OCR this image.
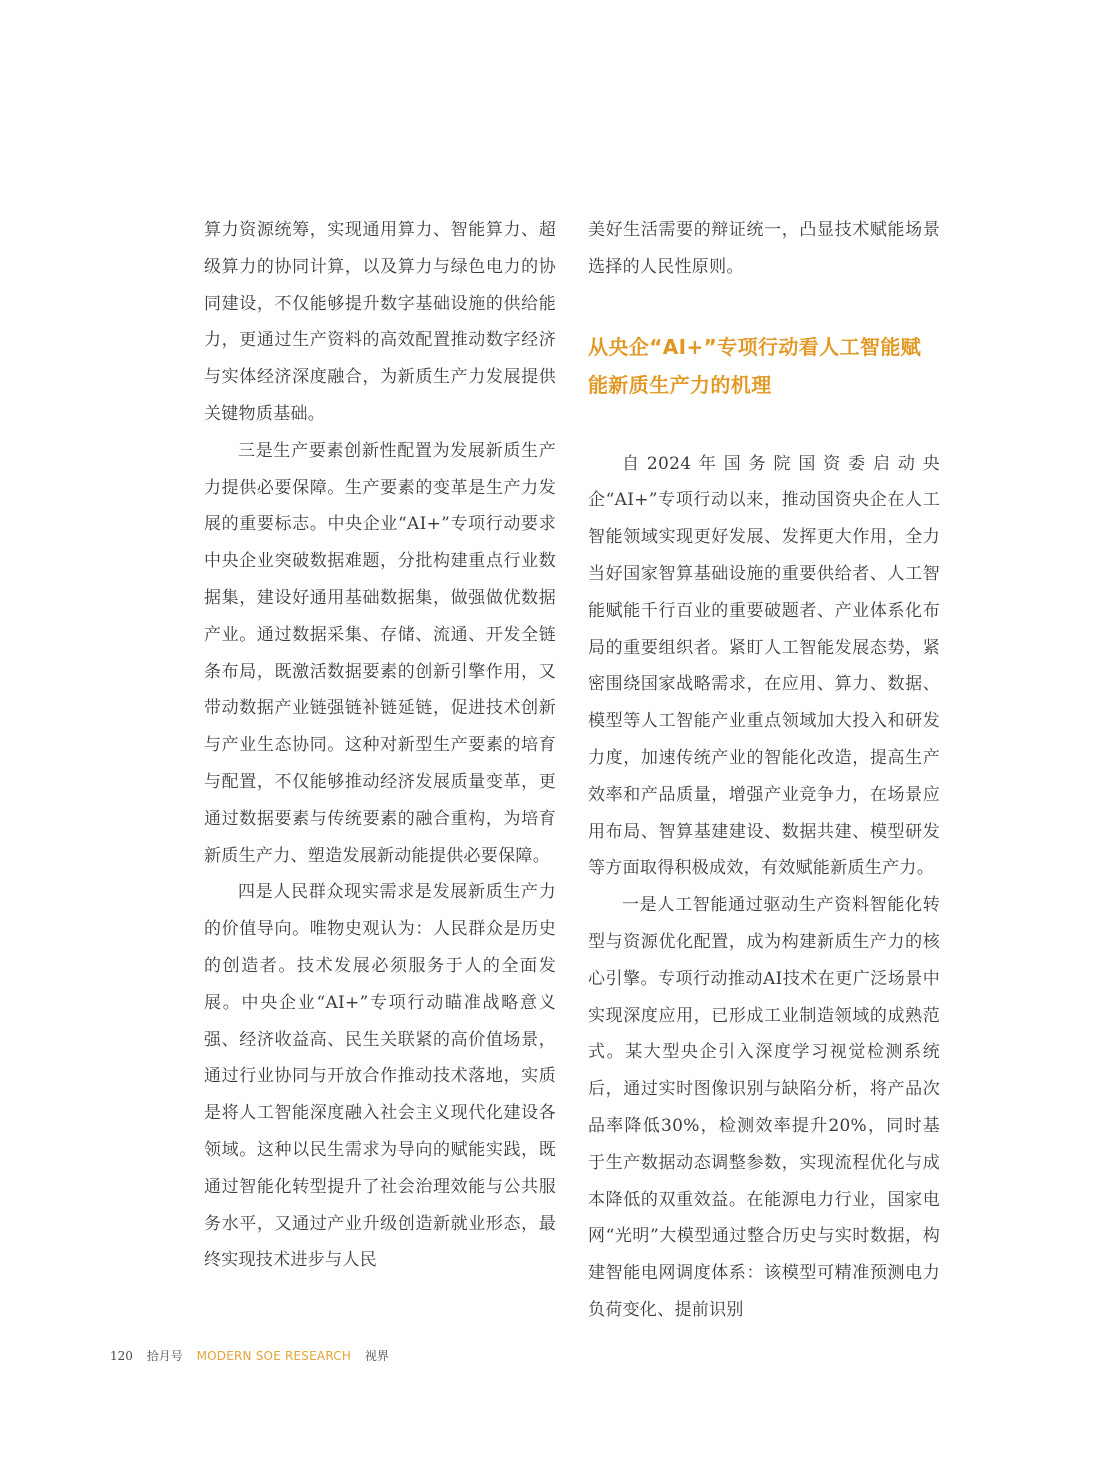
算力资源统筹，实现通用算力、智能算力、超级算力的协同计算，以及算力与绿色电力的协同建设，不仅能够提升数字基础设施的供给能力，更通过生产资料的高效配置推动数字经济与实体经济深度融合，为新质生产力发展提供关键物质基础。

三是生产要素创新性配置为发展新质生产力提供必要保障。生产要素的变革是生产力发展的重要标志。中央企业“AI+”专项行动要求中央企业突破数据难题，分批构建重点行业数据集，建设好通用基础数据集，做强做优数据产业。通过数据采集、存储、流通、开发全链条布局，既激活数据要素的创新引擎作用，又带动数据产业链强链补链延链，促进技术创新与产业生态协同。这种对新型生产要素的培育与配置，不仅能够推动经济发展质量变革，更通过数据要素与传统要素的融合重构，为培育新质生产力、塑造发展新动能提供必要保障。

四是人民群众现实需求是发展新质生产力的价值导向。唯物史观认为：人民群众是历史的创造者。技术发展必须服务于人的全面发展。中央企业“AI+”专项行动瞄准战略意义强、经济收益高、民生关联紧的高价值场景，通过行业协同与开放合作推动技术落地，实质是将人工智能深度融入社会主义现代化建设各领域。这种以民生需求为导向的赋能实践，既通过智能化转型提升了社会治理效能与公共服务水平，又通过产业升级创造新就业形态，最终实现技术进步与人民

美好生活需要的辩证统一，凸显技术赋能场景选择的人民性原则。

从央企“AI+”专项行动看人工智能赋能新质生产力的机理

自2024年国务院国资委启动央企“AI+”专项行动以来，推动国资央企在人工智能领域实现更好发展、发挥更大作用，全力当好国家智算基础设施的重要供给者、人工智能赋能千行百业的重要破题者、产业体系化布局的重要组织者。紧盯人工智能发展态势，紧密围绕国家战略需求，在应用、算力、数据、模型等人工智能产业重点领域加大投入和研发力度，加速传统产业的智能化改造，提高生产效率和产品质量，增强产业竞争力，在场景应用布局、智算基建建设、数据共建、模型研发等方面取得积极成效，有效赋能新质生产力。

一是人工智能通过驱动生产资料智能化转型与资源优化配置，成为构建新质生产力的核心引擎。专项行动推动AI技术在更广泛场景中实现深度应用，已形成工业制造领域的成熟范式。某大型央企引入深度学习视觉检测系统后，通过实时图像识别与缺陷分析，将产品次品率降低30%，检测效率提升20%，同时基于生产数据动态调整参数，实现流程优化与成本降低的双重效益。在能源电力行业，国家电网“光明”大模型通过整合历史与实时数据，构建智能电网调度体系：该模型可精准预测电力负荷变化、提前识别

120 拾月号 MODERN SOE RESEARCH 视界
